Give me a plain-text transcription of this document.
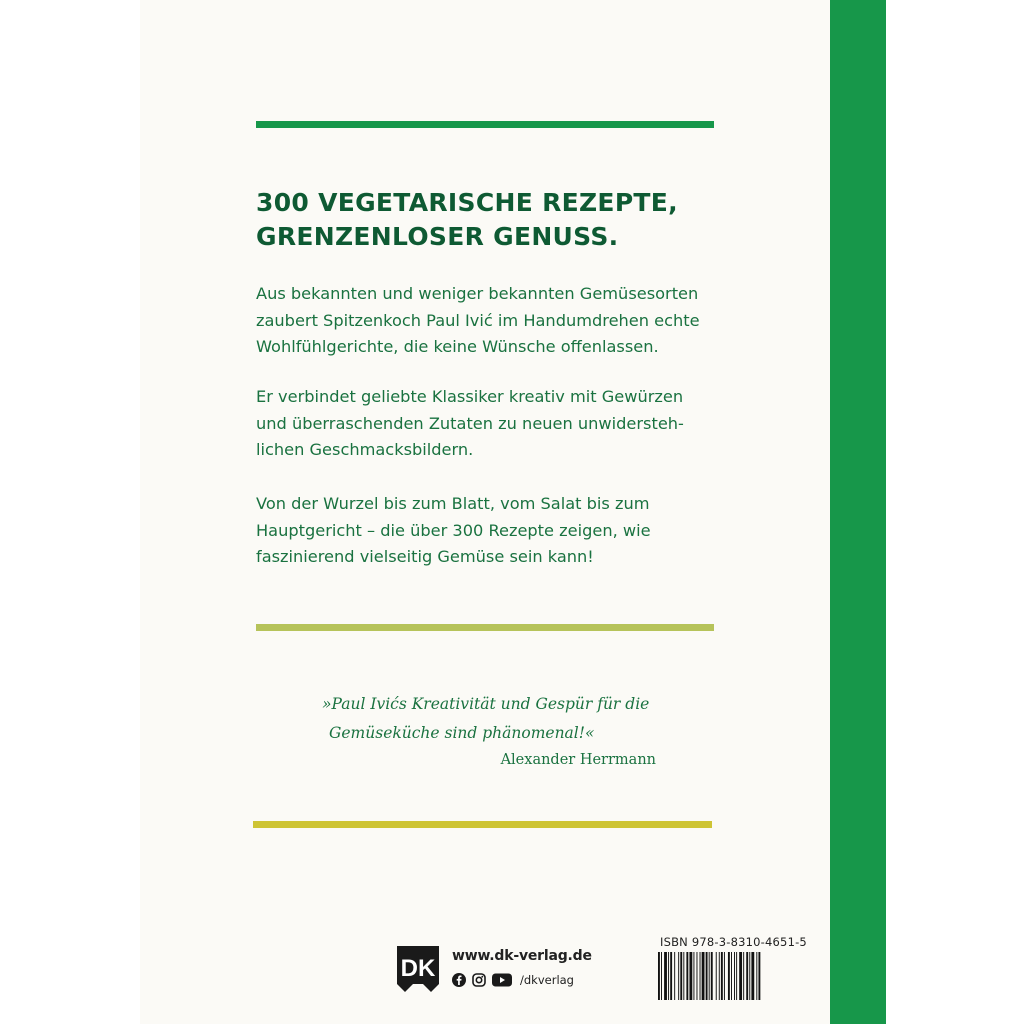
300 VEGETARISCHE REZEPTE,
GRENZENLOSER GENUSS.

Aus bekannten und weniger bekannten Gemüsesorten
zaubert Spitzenkoch Paul Ivić im Handumdrehen echte
Wohlfühlgerichte, die keine Wünsche offenlassen.

Er verbindet geliebte Klassiker kreativ mit Gewürzen
und überraschenden Zutaten zu neuen unwidersteh-
lichen Geschmacksbildern.

Von der Wurzel bis zum Blatt, vom Salat bis zum
Hauptgericht – die über 300 Rezepte zeigen, wie
faszinierend vielseitig Gemüse sein kann!

»Paul Ivićs Kreativität und Gespür für die
Gemüseküche sind phänomenal!«

Alexander Herrmann
DK www.dk-verlag.de
/dkverlag
ISBN 978-3-8310-4651-5
